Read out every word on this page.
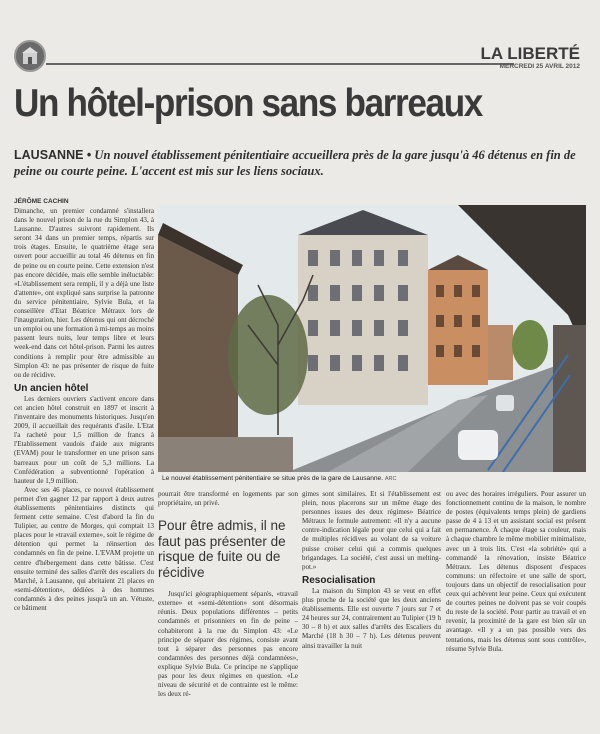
LA LIBERTÉ
MERCREDI 25 AVRIL 2012
Un hôtel-prison sans barreaux
LAUSANNE • Un nouvel établissement pénitentiaire accueillera près de la gare jusqu'à 46 détenus en fin de peine ou courte peine. L'accent est mis sur les liens sociaux.
JÉRÔME CACHIN

Dimanche, un premier condamné s'installera dans le nouvel prison de la rue du Simplon 43, à Lausanne. D'autres suivront rapidement. Ils seront 34 dans un premier temps, répartis sur trois étages. Ensuite, le quatrième étage sera ouvert pour accueillir au total 46 détenus en fin de peine ou en courte peine. Cette extension n'est pas encore décidée, mais elle semble inéluctable: «L'établissement sera rempli, il y a déjà une liste d'attente», ont expliqué sans surprise la patronne du service pénitentiaire, Sylvie Bula, et la conseillère d'Etat Béatrice Métraux lors de l'inauguration, hier. Les détenus qui ont décroché un emploi ou une formation à mi-temps au moins passent leurs nuits, leur temps libre et leurs week-end dans cet hôtel-prison. Parmi les autres conditions à remplir pour être admissible au Simplon 43: ne pas présenter de risque de fuite ou de récidive.

Un ancien hôtel

Les derniers ouvriers s'activent encore dans cet ancien hôtel construit en 1897 et inscrit à l'inventaire des monuments historiques. Jusqu'en 2009, il accueillait des requérants d'asile. L'Etat l'a racheté pour 1,5 million de francs à l'Etablissement vaudois d'aide aux migrants (EVAM) pour le transformer en une prison sans barreaux pour un coût de 5,3 millions. La Confédération a subventionné l'opération à hauteur de 1,9 million.

Avec ses 46 places, ce nouvel établissement permet d'en gagner 12 par rapport à deux autres établissements pénitentiaires distincts qui ferment cette semaine. C'est d'abord la fin du Tulipier, au centre de Morges, qui comptait 13 places pour le «travail externe», soit le régime de détention qui permet la réinsertion des condamnés en fin de peine. L'EVAM projette un centre d'hébergement dans cette bâtisse. C'est ensuite terminé des salles d'arrêt des escaliers du Marché, à Lausanne, qui abritaient 21 places en «semi-détention», dédiées à des hommes condamnés à des peines jusqu'à un an. Vétuste, ce bâtiment

Le nouvel établissement pénitentiaire se situe près de la gare de Lausanne. ARC

pourrait être transformé en logements par son propriétaire, un privé.

Pour être admis, il ne faut pas présenter de risque de fuite ou de récidive

Jusqu'ici géographiquement séparés, «travail externe» et «semi-détention» sont désormais réunis. Deux populations différentes – petits condamnés et prisonniers en fin de peine – cohabiteront à la rue du Simplon 43: «Le principe de séparer des régimes, consiste avant tout à séparer des personnes pas encore condamnées des personnes déjà condamnées», explique Sylvie Bula. Ce principe ne s'applique pas pour les deux régimes en question. «Le niveau de sécurité et de contrainte est le même: les deux ré-

gimes sont similaires. Et si l'établissement est plein, nous placerons sur un même étage des personnes issues des deux régimes» Béatrice Métraux le formule autrement: «Il n'y a aucune contre-indication légale pour que celui qui a fait de multiples récidives au volant de sa voiture puisse croiser celui qui a commis quelques brigandages. La société, c'est aussi un melting-pot.»

Resocialisation

La maison du Simplon 43 se veut en effet plus proche de la société que les deux anciens établissements. Elle est ouverte 7 jours sur 7 et 24 heures sur 24, contrairement au Tulipier (19 h 30 – 8 h) et aux salles d'arrêts des Escaliers du Marché (18 h 30 – 7 h). Les détenus peuvent ainsi travailler la nuit

ou avec des horaires irréguliers. Pour assurer un fonctionnement continu de la maison, le nombre de postes (équivalents temps plein) de gardiens passe de 4 à 13 et un assistant social est présent en permanence. À chaque étage sa couleur, mais à chaque chambre le même mobilier minimaliste, avec un à trois lits. C'est «la sobriété» qui a commandé la rénovation, insiste Béatrice Métraux. Les détenus disposent d'espaces communs: un réfectoire et une salle de sport, toujours dans un objectif de resocialisation pour ceux qui achèvent leur peine. Ceux qui exécutent de courtes peines ne doivent pas se voir coupés du reste de la société. Pour partir au travail et en revenir, la proximité de la gare est bien sûr un avantage. «Il y a un pas possible vers des tentations, mais les détenus sont sous contrôle», résume Sylvie Bula.
